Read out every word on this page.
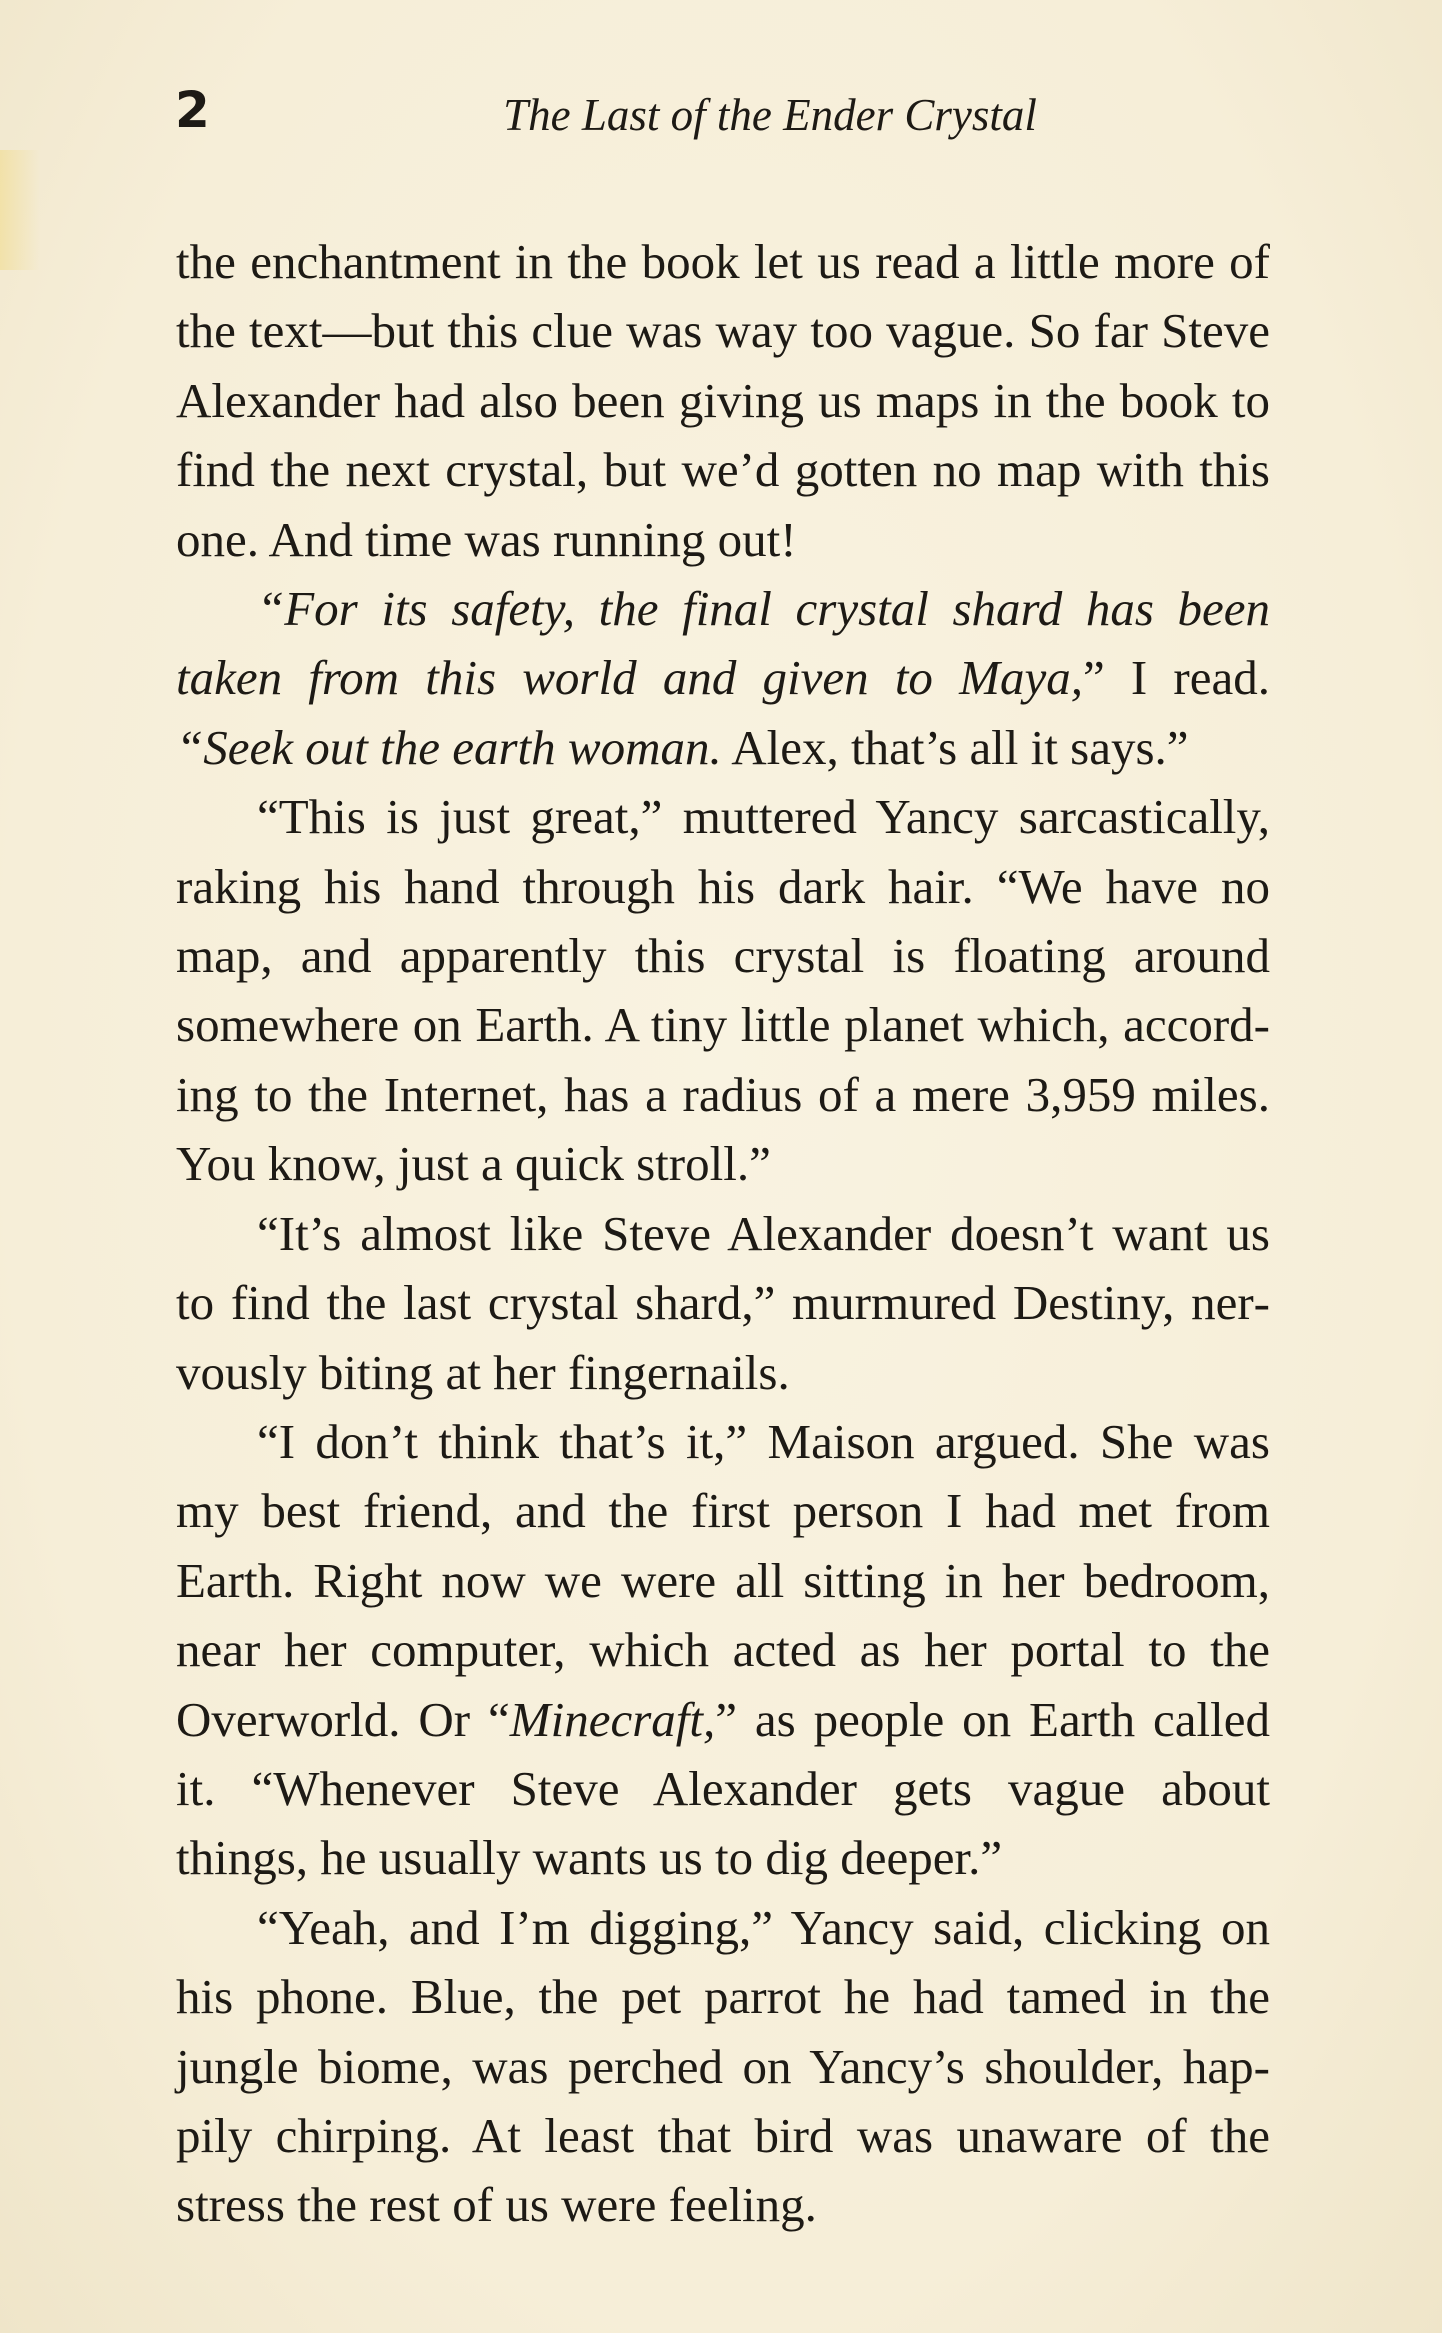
2	The Last of the Ender Crystal

the enchantment in the book let us read a little more of the text—but this clue was way too vague. So far Steve Alexander had also been giving us maps in the book to find the next crystal, but we’d gotten no map with this one. And time was running out!

“For its safety, the final crystal shard has been taken from this world and given to Maya,” I read. “Seek out the earth woman. Alex, that’s all it says.”

“This is just great,” muttered Yancy sarcastically, raking his hand through his dark hair. “We have no map, and apparently this crystal is floating around somewhere on Earth. A tiny little planet which, according to the Internet, has a radius of a mere 3,959 miles. You know, just a quick stroll.”

“It’s almost like Steve Alexander doesn’t want us to find the last crystal shard,” murmured Destiny, nervously biting at her fingernails.

“I don’t think that’s it,” Maison argued. She was my best friend, and the first person I had met from Earth. Right now we were all sitting in her bedroom, near her computer, which acted as her portal to the Overworld. Or “Minecraft,” as people on Earth called it. “Whenever Steve Alexander gets vague about things, he usually wants us to dig deeper.”

“Yeah, and I’m digging,” Yancy said, clicking on his phone. Blue, the pet parrot he had tamed in the jungle biome, was perched on Yancy’s shoulder, happily chirping. At least that bird was unaware of the stress the rest of us were feeling.
